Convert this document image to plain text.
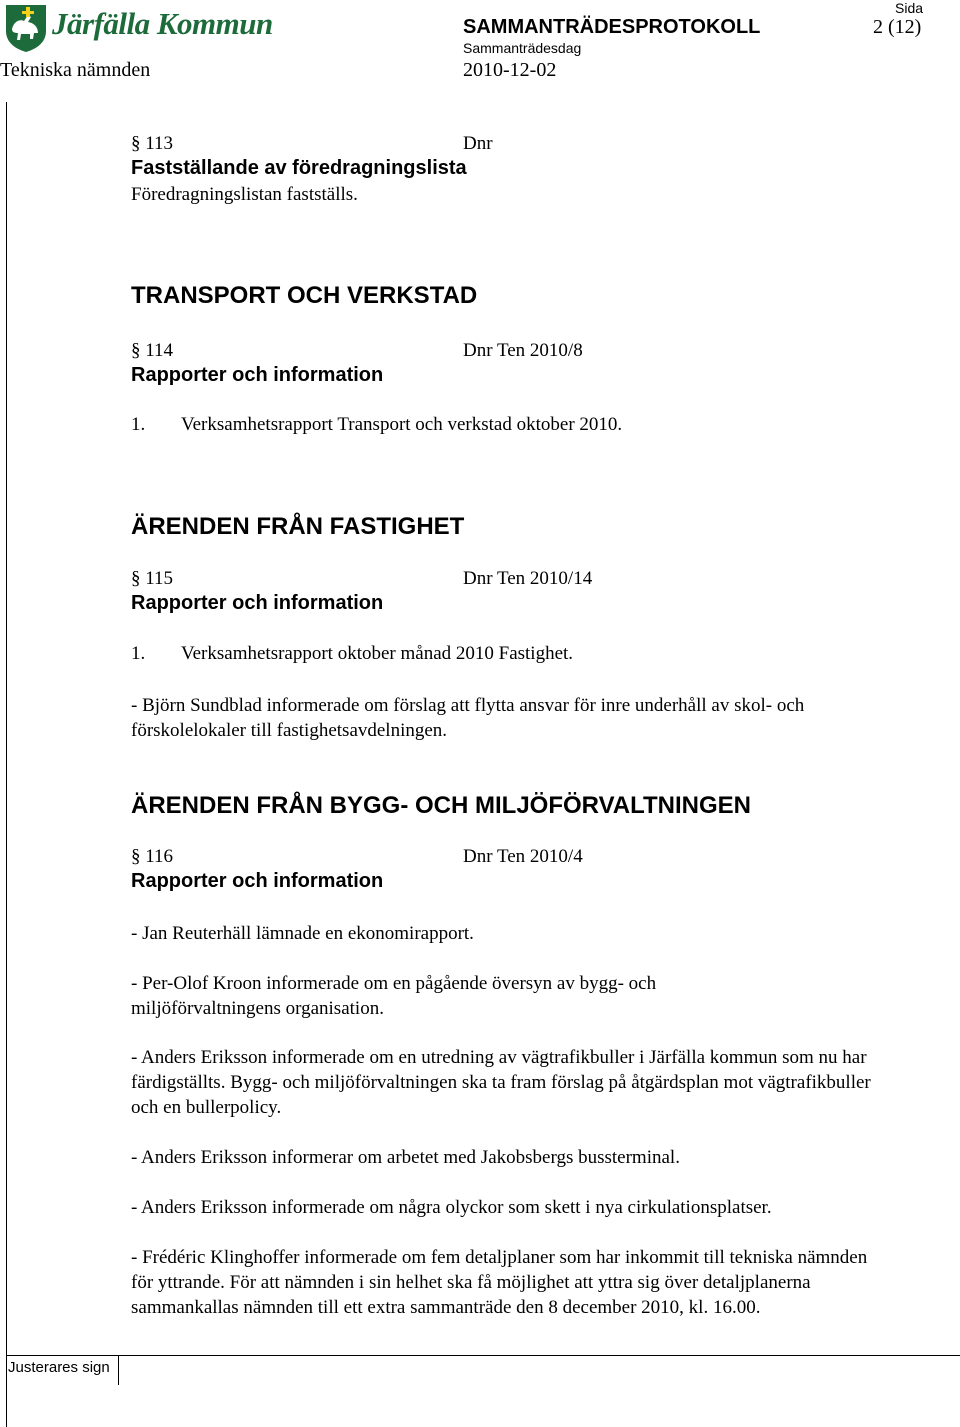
Järfälla Kommun	SAMMANTRÄDESPROTOKOLL
Sida
2 (12)
Sammanträdesdag
Tekniska nämnden	2010-12-02
§ 113	Dnr
Fastställande av föredragningslista
Föredragningslistan fastställs.
TRANSPORT OCH VERKSTAD
§ 114	Dnr Ten 2010/8
Rapporter och information
1. Verksamhetsrapport Transport och verkstad oktober 2010.
ÄRENDEN FRÅN FASTIGHET
§ 115	Dnr Ten 2010/14
Rapporter och information
1. Verksamhetsrapport oktober månad 2010 Fastighet.
- Björn Sundblad informerade om förslag att flytta ansvar för inre underhåll av skol- och förskolelokaler till fastighetsavdelningen.
ÄRENDEN FRÅN BYGG- OCH MILJÖFÖRVALTNINGEN
§ 116	Dnr Ten 2010/4
Rapporter och information
- Jan Reuterhäll lämnade en ekonomirapport.
- Per-Olof Kroon informerade om en pågående översyn av bygg- och miljöförvaltningens organisation.
- Anders Eriksson informerade om en utredning av vägtrafikbuller i Järfälla kommun som nu har färdigställts. Bygg- och miljöförvaltningen ska ta fram förslag på åtgärdsplan mot vägtrafikbuller och en bullerpolicy.
- Anders Eriksson informerar om arbetet med Jakobsbergs bussterminal.
- Anders Eriksson informerade om några olyckor som skett i nya cirkulationsplatser.
- Frédéric Klinghoffer informerade om fem detaljplaner som har inkommit till tekniska nämnden för yttrande. För att nämnden i sin helhet ska få möjlighet att yttra sig över detaljplanerna sammankallas nämnden till ett extra sammanträde den 8 december 2010, kl. 16.00.
Justerares sign
